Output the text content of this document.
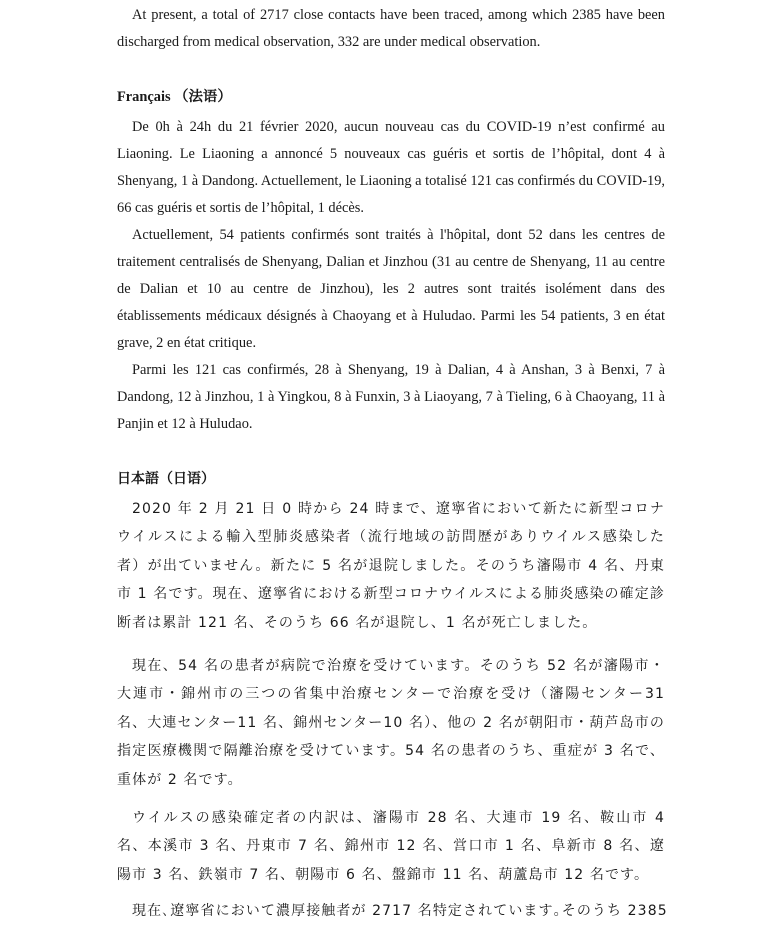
At present, a total of 2717 close contacts have been traced, among which 2385 have been discharged from medical observation, 332 are under medical observation.

Français （法语）

De 0h à 24h du 21 février 2020, aucun nouveau cas du COVID-19 n’est confirmé au Liaoning. Le Liaoning a annoncé 5 nouveaux cas guéris et sortis de l’hôpital, dont 4 à Shenyang, 1 à Dandong. Actuellement, le Liaoning a totalisé 121 cas confirmés du COVID-19, 66 cas guéris et sortis de l’hôpital, 1 décès.

Actuellement, 54 patients confirmés sont traités à l'hôpital, dont 52 dans les centres de traitement centralisés de Shenyang, Dalian et Jinzhou (31 au centre de Shenyang, 11 au centre de Dalian et 10 au centre de Jinzhou), les 2 autres sont traités isolément dans des établissements médicaux désignés à Chaoyang et à Huludao. Parmi les 54 patients, 3 en état grave, 2 en état critique.

Parmi les 121 cas confirmés, 28 à Shenyang, 19 à Dalian, 4 à Anshan, 3 à Benxi, 7 à Dandong, 12 à Jinzhou, 1 à Yingkou, 8 à Funxin, 3 à Liaoyang, 7 à Tieling, 6 à Chaoyang, 11 à Panjin et 12 à Huludao.

日本語（日语）

2020 年 2 月 21 日 0 時から 24 時まで、遼寧省において新たに新型コロナウイルスによる輸入型肺炎感染者（流行地域の訪問歴がありウイルス感染した者）が出ていません。新たに 5 名が退院しました。そのうち瀋陽市 4 名、丹東市 1 名です。現在、遼寧省における新型コロナウイルスによる肺炎感染の確定診断者は累計 121 名、そのうち 66 名が退院し、1 名が死亡しました。

現在、54 名の患者が病院で治療を受けています。そのうち 52 名が瀋陽市・大連市・錦州市の三つの省集中治療センターで治療を受け（瀋陽センター31 名、大連センター11 名、錦州センター10 名）、他の 2 名が朝阳市・葫芦岛市の指定医療機関で隔離治療を受けています。54 名の患者のうち、重症が 3 名で、重体が 2 名です。

ウイルスの感染確定者の内訳は、瀋陽市 28 名、大連市 19 名、鞍山市 4 名、本溪市 3 名、丹東市 7 名、錦州市 12 名、営口市 1 名、阜新市 8 名、遼陽市 3 名、鉄嶺市 7 名、朝陽市 6 名、盤錦市 11 名、葫蘆島市 12 名です。

現在､遼寧省において濃厚接触者が 2717 名特定されています｡そのうち 2385
